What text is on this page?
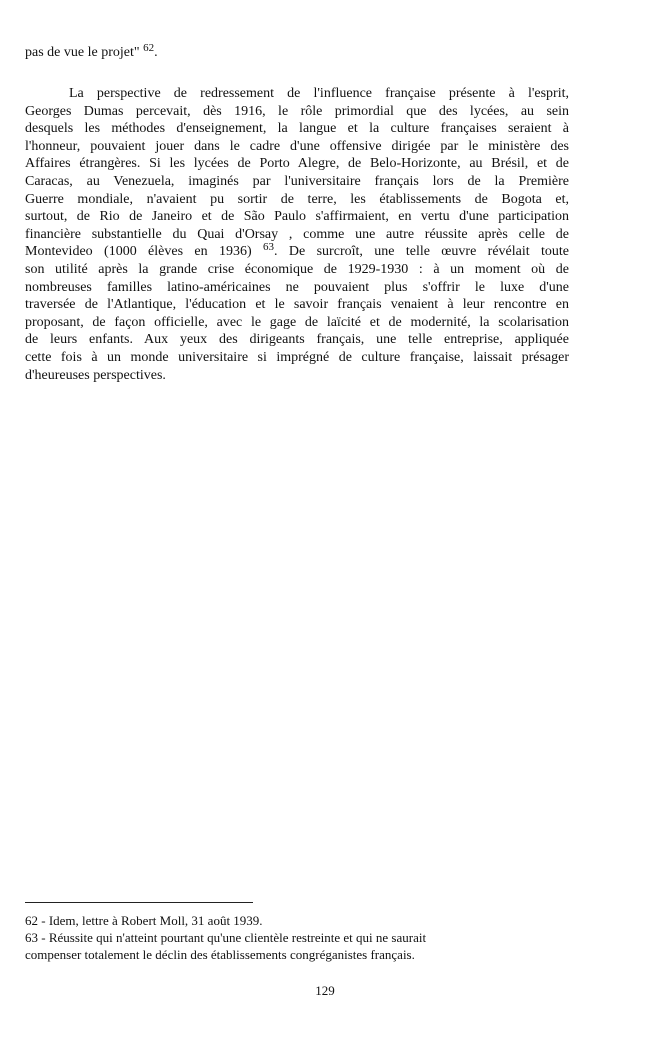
pas de vue le projet" $^{62}$.

La perspective de redressement de l'influence française présente à l'esprit,
Georges Dumas percevait, dès 1916, le rôle primordial que des lycées, au sein
desquels les méthodes d'enseignement, la langue et la culture françaises seraient à
l'honneur, pouvaient jouer dans le cadre d'une offensive dirigée par le ministère des
Affaires étrangères. Si les lycées de Porto Alegre, de Belo-Horizonte, au Brésil, et de
Caracas, au Venezuela, imaginés par l'universitaire français lors de la Première
Guerre mondiale, n'avaient pu sortir de terre, les établissements de Bogota et,
surtout, de Rio de Janeiro et de São Paulo s'affirmaient, en vertu d'une participation
financière substantielle du Quai d'Orsay , comme une autre réussite après celle de
Montevideo (1000 élèves en 1936) $^{63}$. De surcroît, une telle œuvre révélait toute
son utilité après la grande crise économique de 1929-1930 : à un moment où de
nombreuses familles latino-américaines ne pouvaient plus s'offrir le luxe d'une
traversée de l'Atlantique, l'éducation et le savoir français venaient à leur rencontre en
proposant, de façon officielle, avec le gage de laïcité et de modernité, la scolarisation
de leurs enfants. Aux yeux des dirigeants français, une telle entreprise, appliquée
cette fois à un monde universitaire si imprégné de culture française, laissait présager
d'heureuses perspectives.

62 - Idem, lettre à Robert Moll, 31 août 1939.
63 - Réussite qui n'atteint pourtant qu'une clientèle restreinte et qui ne saurait
compenser totalement le déclin des établissements congréganistes français.
129
